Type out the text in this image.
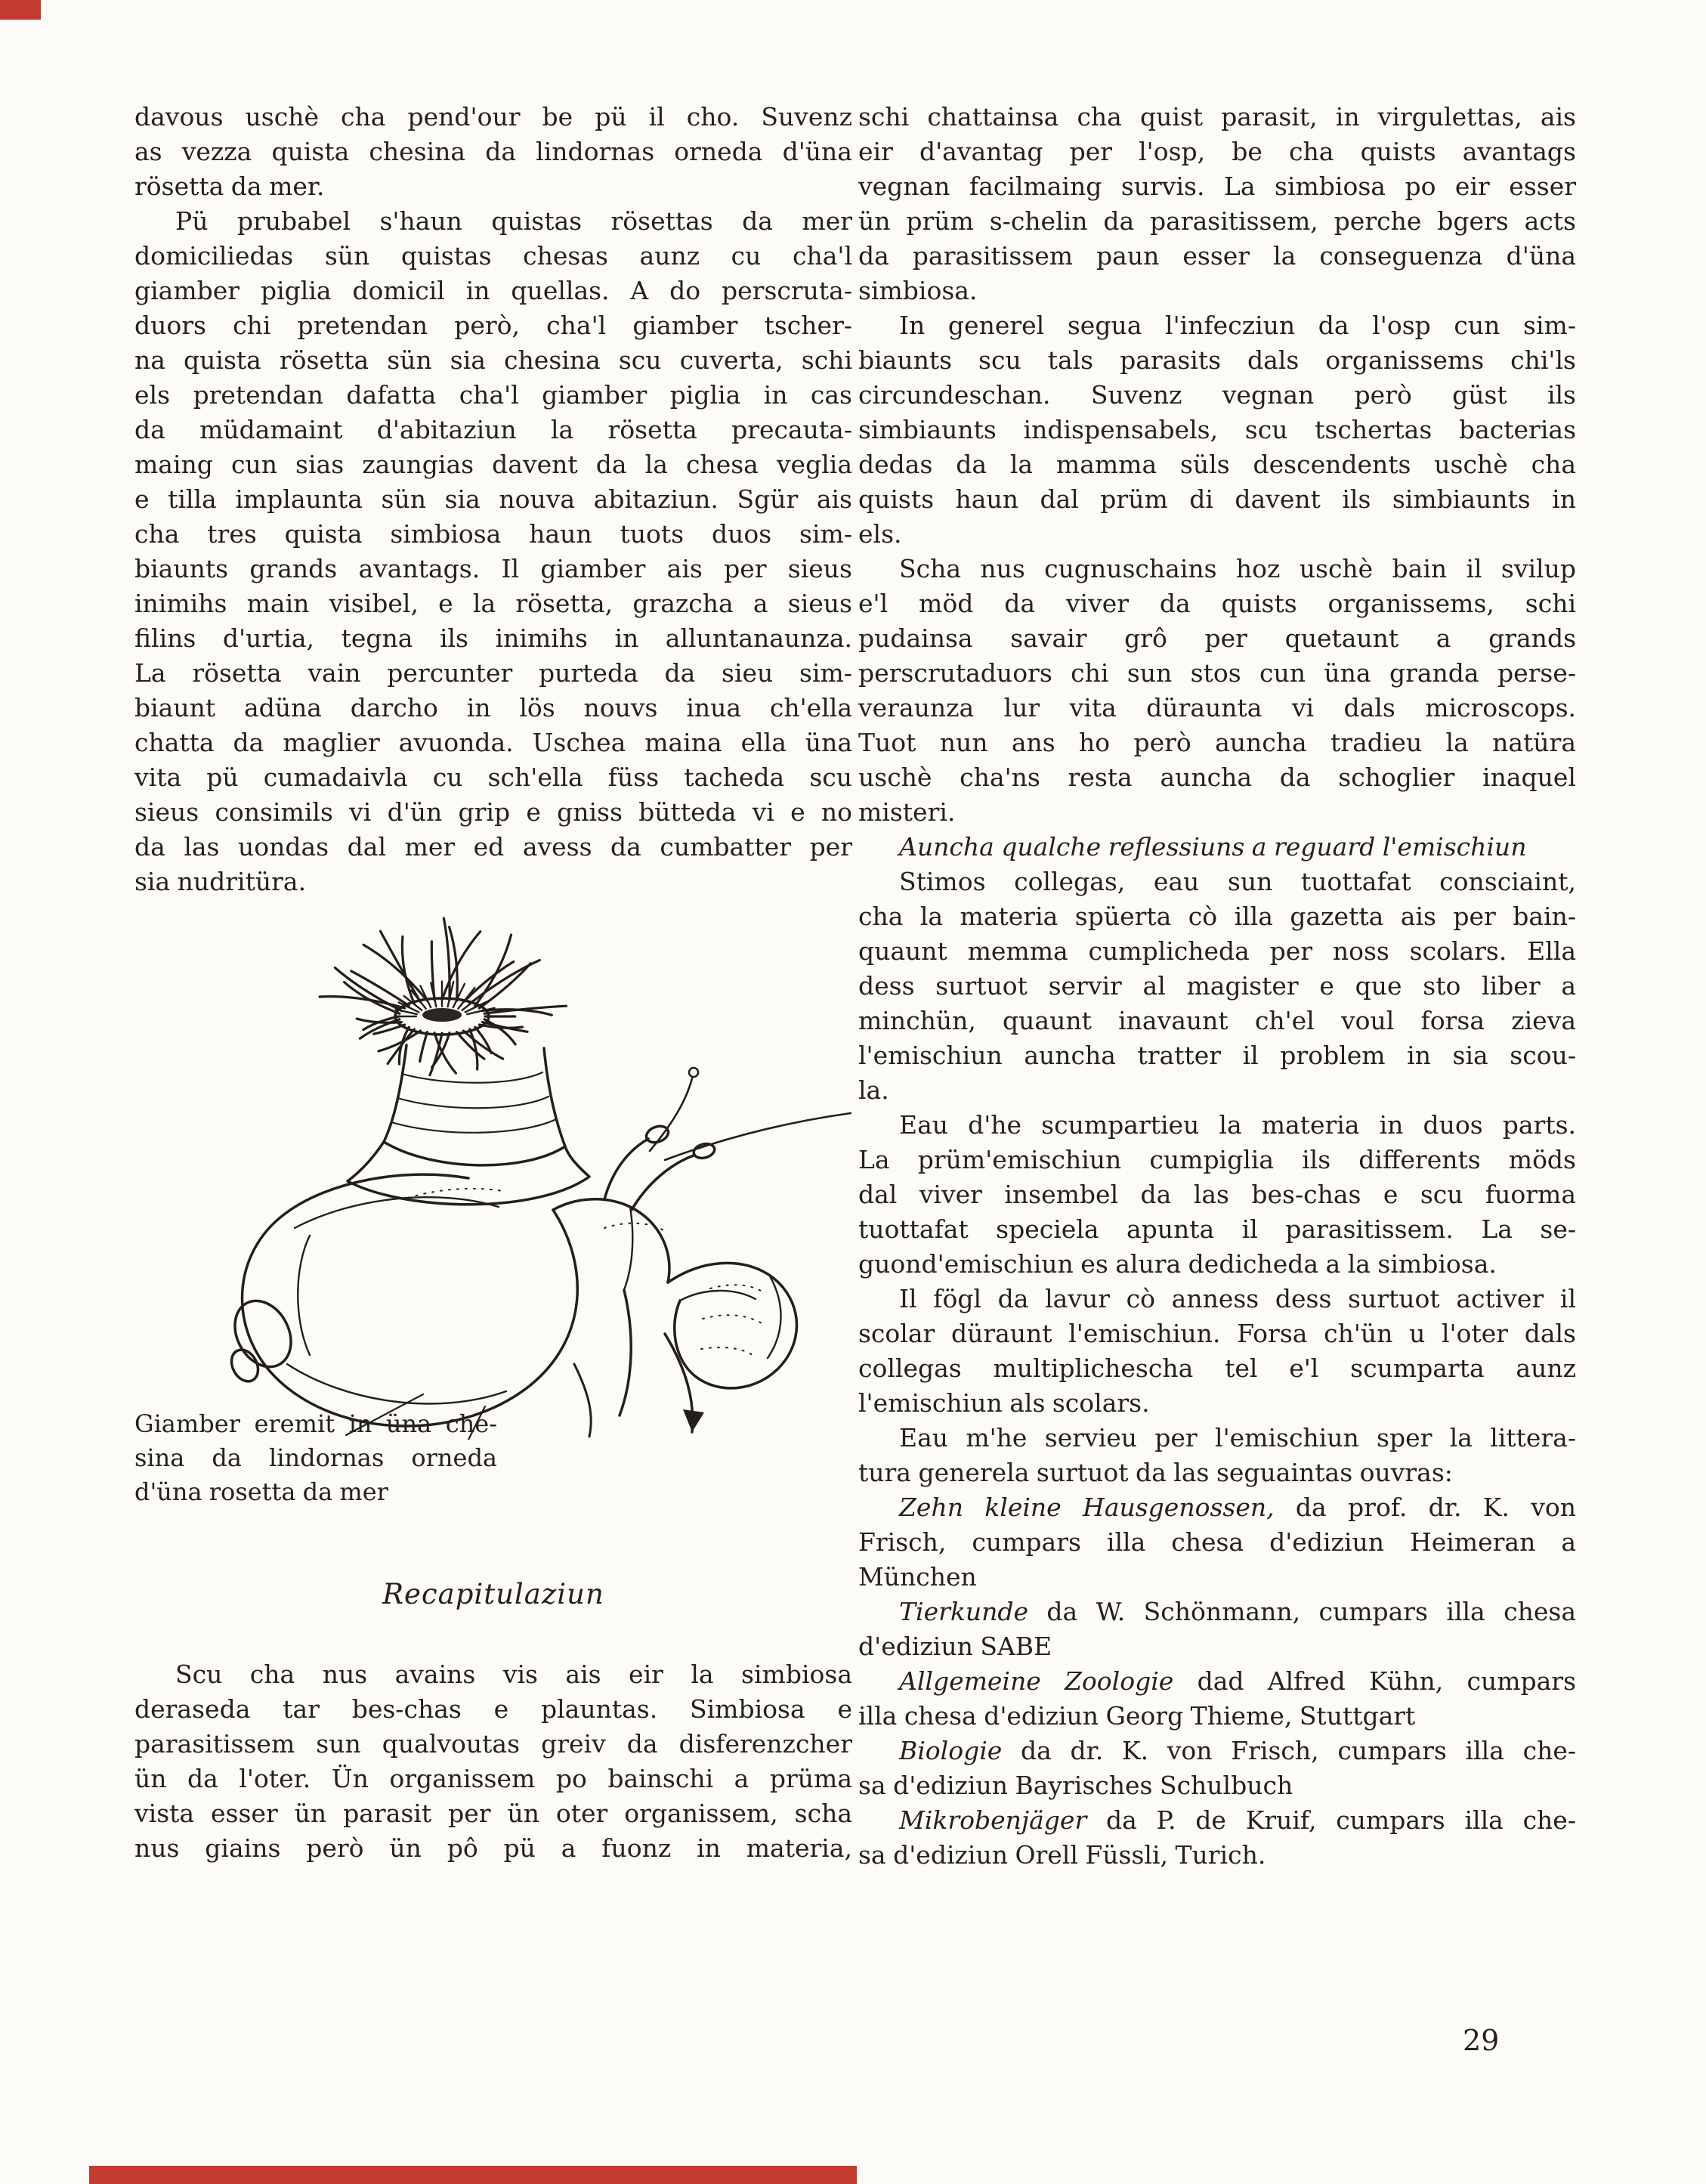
davous uschè cha pend'our be pü il cho. Suvenz
as vezza quista chesina da lindornas orneda d'üna
rösetta da mer.
Pü prubabel s'haun quistas rösettas da mer
domiciliedas sün quistas chesas aunz cu cha'l
giamber piglia domicil in quellas. A do perscruta-
duors chi pretendan però, cha'l giamber tscher-
na quista rösetta sün sia chesina scu cuverta, schi
els pretendan dafatta cha'l giamber piglia in cas
da müdamaint d'abitaziun la rösetta precauta-
maing cun sias zaungias davent da la chesa veglia
e tilla implaunta sün sia nouva abitaziun. Sgür ais
cha tres quista simbiosa haun tuots duos sim-
biaunts grands avantags. Il giamber ais per sieus
inimihs main visibel, e la rösetta, grazcha a sieus
filins d'urtia, tegna ils inimihs in alluntanaunza.
La rösetta vain percunter purteda da sieu sim-
biaunt adüna darcho in lös nouvs inua ch'ella
chatta da maglier avuonda. Uschea maina ella üna
vita pü cumadaivla cu sch'ella füss tacheda scu
sieus consimils vi d'ün grip e gniss bütteda vi e no
da las uondas dal mer ed avess da cumbatter per
sia nudritüra.
Giamber eremit in üna che-
sina da lindornas orneda
d'üna rosetta da mer
Recapitulaziun
Scu cha nus avains vis ais eir la simbiosa
deraseda tar bes-chas e plauntas. Simbiosa e
parasitissem sun qualvoutas greiv da disferenzcher
ün da l'oter. Ün organissem po bainschi a prüma
vista esser ün parasit per ün oter organissem, scha
nus giains però ün pô pü a fuonz in materia,
schi chattainsa cha quist parasit, in virgulettas, ais
eir d'avantag per l'osp, be cha quists avantags
vegnan facilmaing survis. La simbiosa po eir esser
ün prüm s-chelin da parasitissem, perche bgers acts
da parasitissem paun esser la conseguenza d'üna
simbiosa.
In generel segua l'infecziun da l'osp cun sim-
biaunts scu tals parasits dals organissems chi'ls
circundeschan. Suvenz vegnan però güst ils
simbiaunts indispensabels, scu tschertas bacterias
dedas da la mamma süls descendents uschè cha
quists haun dal prüm di davent ils simbiaunts in
els.
Scha nus cugnuschains hoz uschè bain il svilup
e'l möd da viver da quists organissems, schi
pudainsa savair grô per quetaunt a grands
perscrutaduors chi sun stos cun üna granda perse-
veraunza lur vita düraunta vi dals microscops.
Tuot nun ans ho però auncha tradieu la natüra
uschè cha'ns resta auncha da schoglier inaquel
misteri.
Auncha qualche reflessiuns a reguard l'emischiun
Stimos collegas, eau sun tuottafat consciaint,
cha la materia spüerta cò illa gazetta ais per bain-
quaunt memma cumplicheda per noss scolars. Ella
dess surtuot servir al magister e que sto liber a
minchün, quaunt inavaunt ch'el voul forsa zieva
l'emischiun auncha tratter il problem in sia scou-
la.
Eau d'he scumpartieu la materia in duos parts.
La prüm'emischiun cumpiglia ils differents möds
dal viver insembel da las bes-chas e scu fuorma
tuottafat speciela apunta il parasitissem. La se-
guond'emischiun es alura dedicheda a la simbiosa.
Il fögl da lavur cò anness dess surtuot activer il
scolar düraunt l'emischiun. Forsa ch'ün u l'oter dals
collegas multiplichescha tel e'l scumparta aunz
l'emischiun als scolars.
Eau m'he servieu per l'emischiun sper la littera-
tura generela surtuot da las seguaintas ouvras:
Zehn kleine Hausgenossen, da prof. dr. K. von
Frisch, cumpars illa chesa d'ediziun Heimeran a
München
Tierkunde da W. Schönmann, cumpars illa chesa
d'ediziun SABE
Allgemeine Zoologie dad Alfred Kühn, cumpars
illa chesa d'ediziun Georg Thieme, Stuttgart
Biologie da dr. K. von Frisch, cumpars illa che-
sa d'ediziun Bayrisches Schulbuch
Mikrobenjäger da P. de Kruif, cumpars illa che-
sa d'ediziun Orell Füssli, Turich.
29
